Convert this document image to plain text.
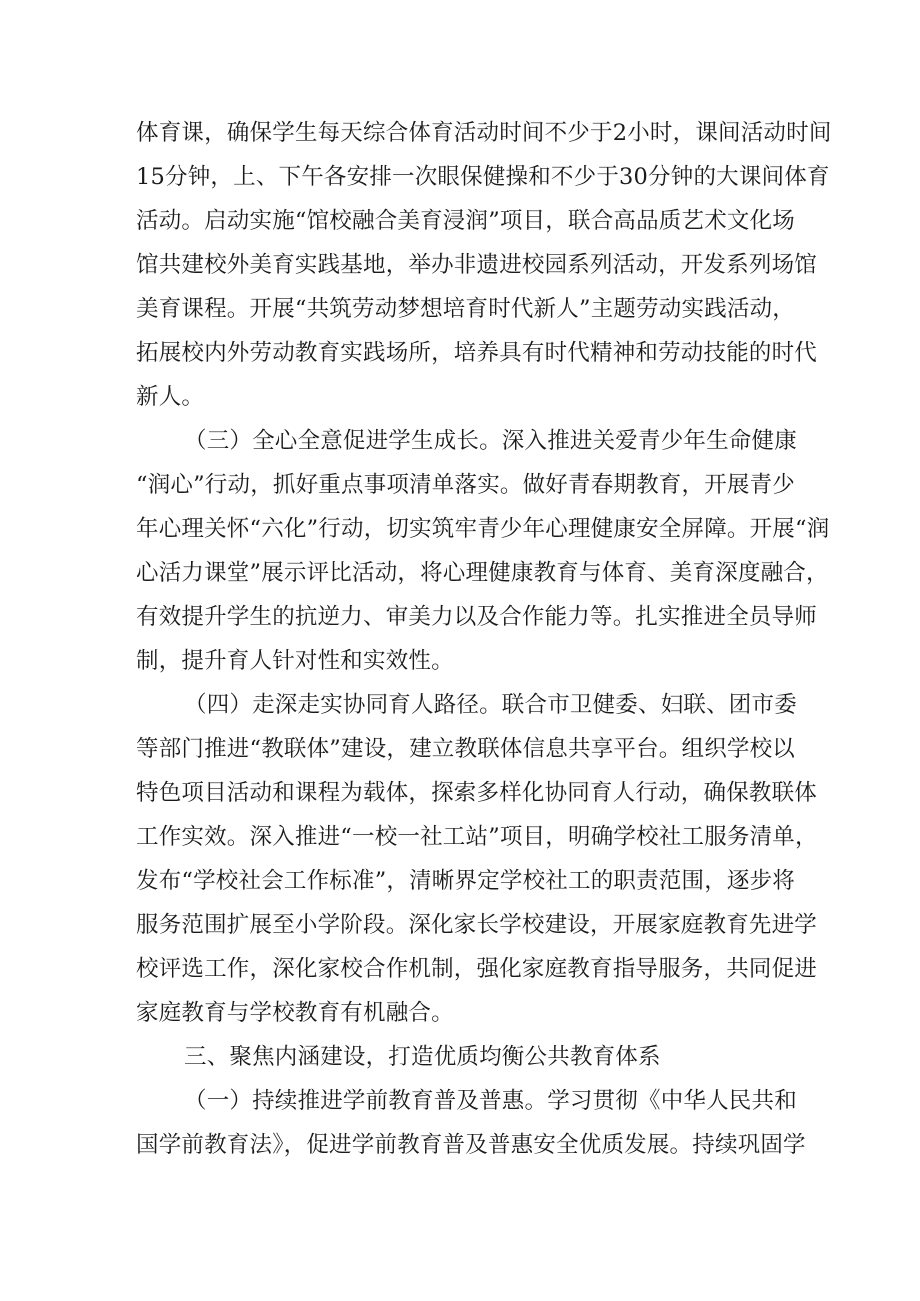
体育课，确保学生每天综合体育活动时间不少于2小时，课间活动时间
15分钟，上、下午各安排一次眼保健操和不少于30分钟的大课间体育
活动。启动实施“馆校融合美育浸润”项目，联合高品质艺术文化场
馆共建校外美育实践基地，举办非遗进校园系列活动，开发系列场馆
美育课程。开展“共筑劳动梦想培育时代新人”主题劳动实践活动，
拓展校内外劳动教育实践场所，培养具有时代精神和劳动技能的时代
新人。
（三）全心全意促进学生成长。深入推进关爱青少年生命健康
“润心”行动，抓好重点事项清单落实。做好青春期教育，开展青少
年心理关怀“六化”行动，切实筑牢青少年心理健康安全屏障。开展“润
心活力课堂”展示评比活动，将心理健康教育与体育、美育深度融合，
有效提升学生的抗逆力、审美力以及合作能力等。扎实推进全员导师
制，提升育人针对性和实效性。
（四）走深走实协同育人路径。联合市卫健委、妇联、团市委
等部门推进“教联体”建设，建立教联体信息共享平台。组织学校以
特色项目活动和课程为载体，探索多样化协同育人行动，确保教联体
工作实效。深入推进“一校一社工站”项目，明确学校社工服务清单，
发布“学校社会工作标准”，清晰界定学校社工的职责范围，逐步将
服务范围扩展至小学阶段。深化家长学校建设，开展家庭教育先进学
校评选工作，深化家校合作机制，强化家庭教育指导服务，共同促进
家庭教育与学校教育有机融合。
三、聚焦内涵建设，打造优质均衡公共教育体系
（一）持续推进学前教育普及普惠。学习贯彻《中华人民共和
国学前教育法》，促进学前教育普及普惠安全优质发展。持续巩固学
